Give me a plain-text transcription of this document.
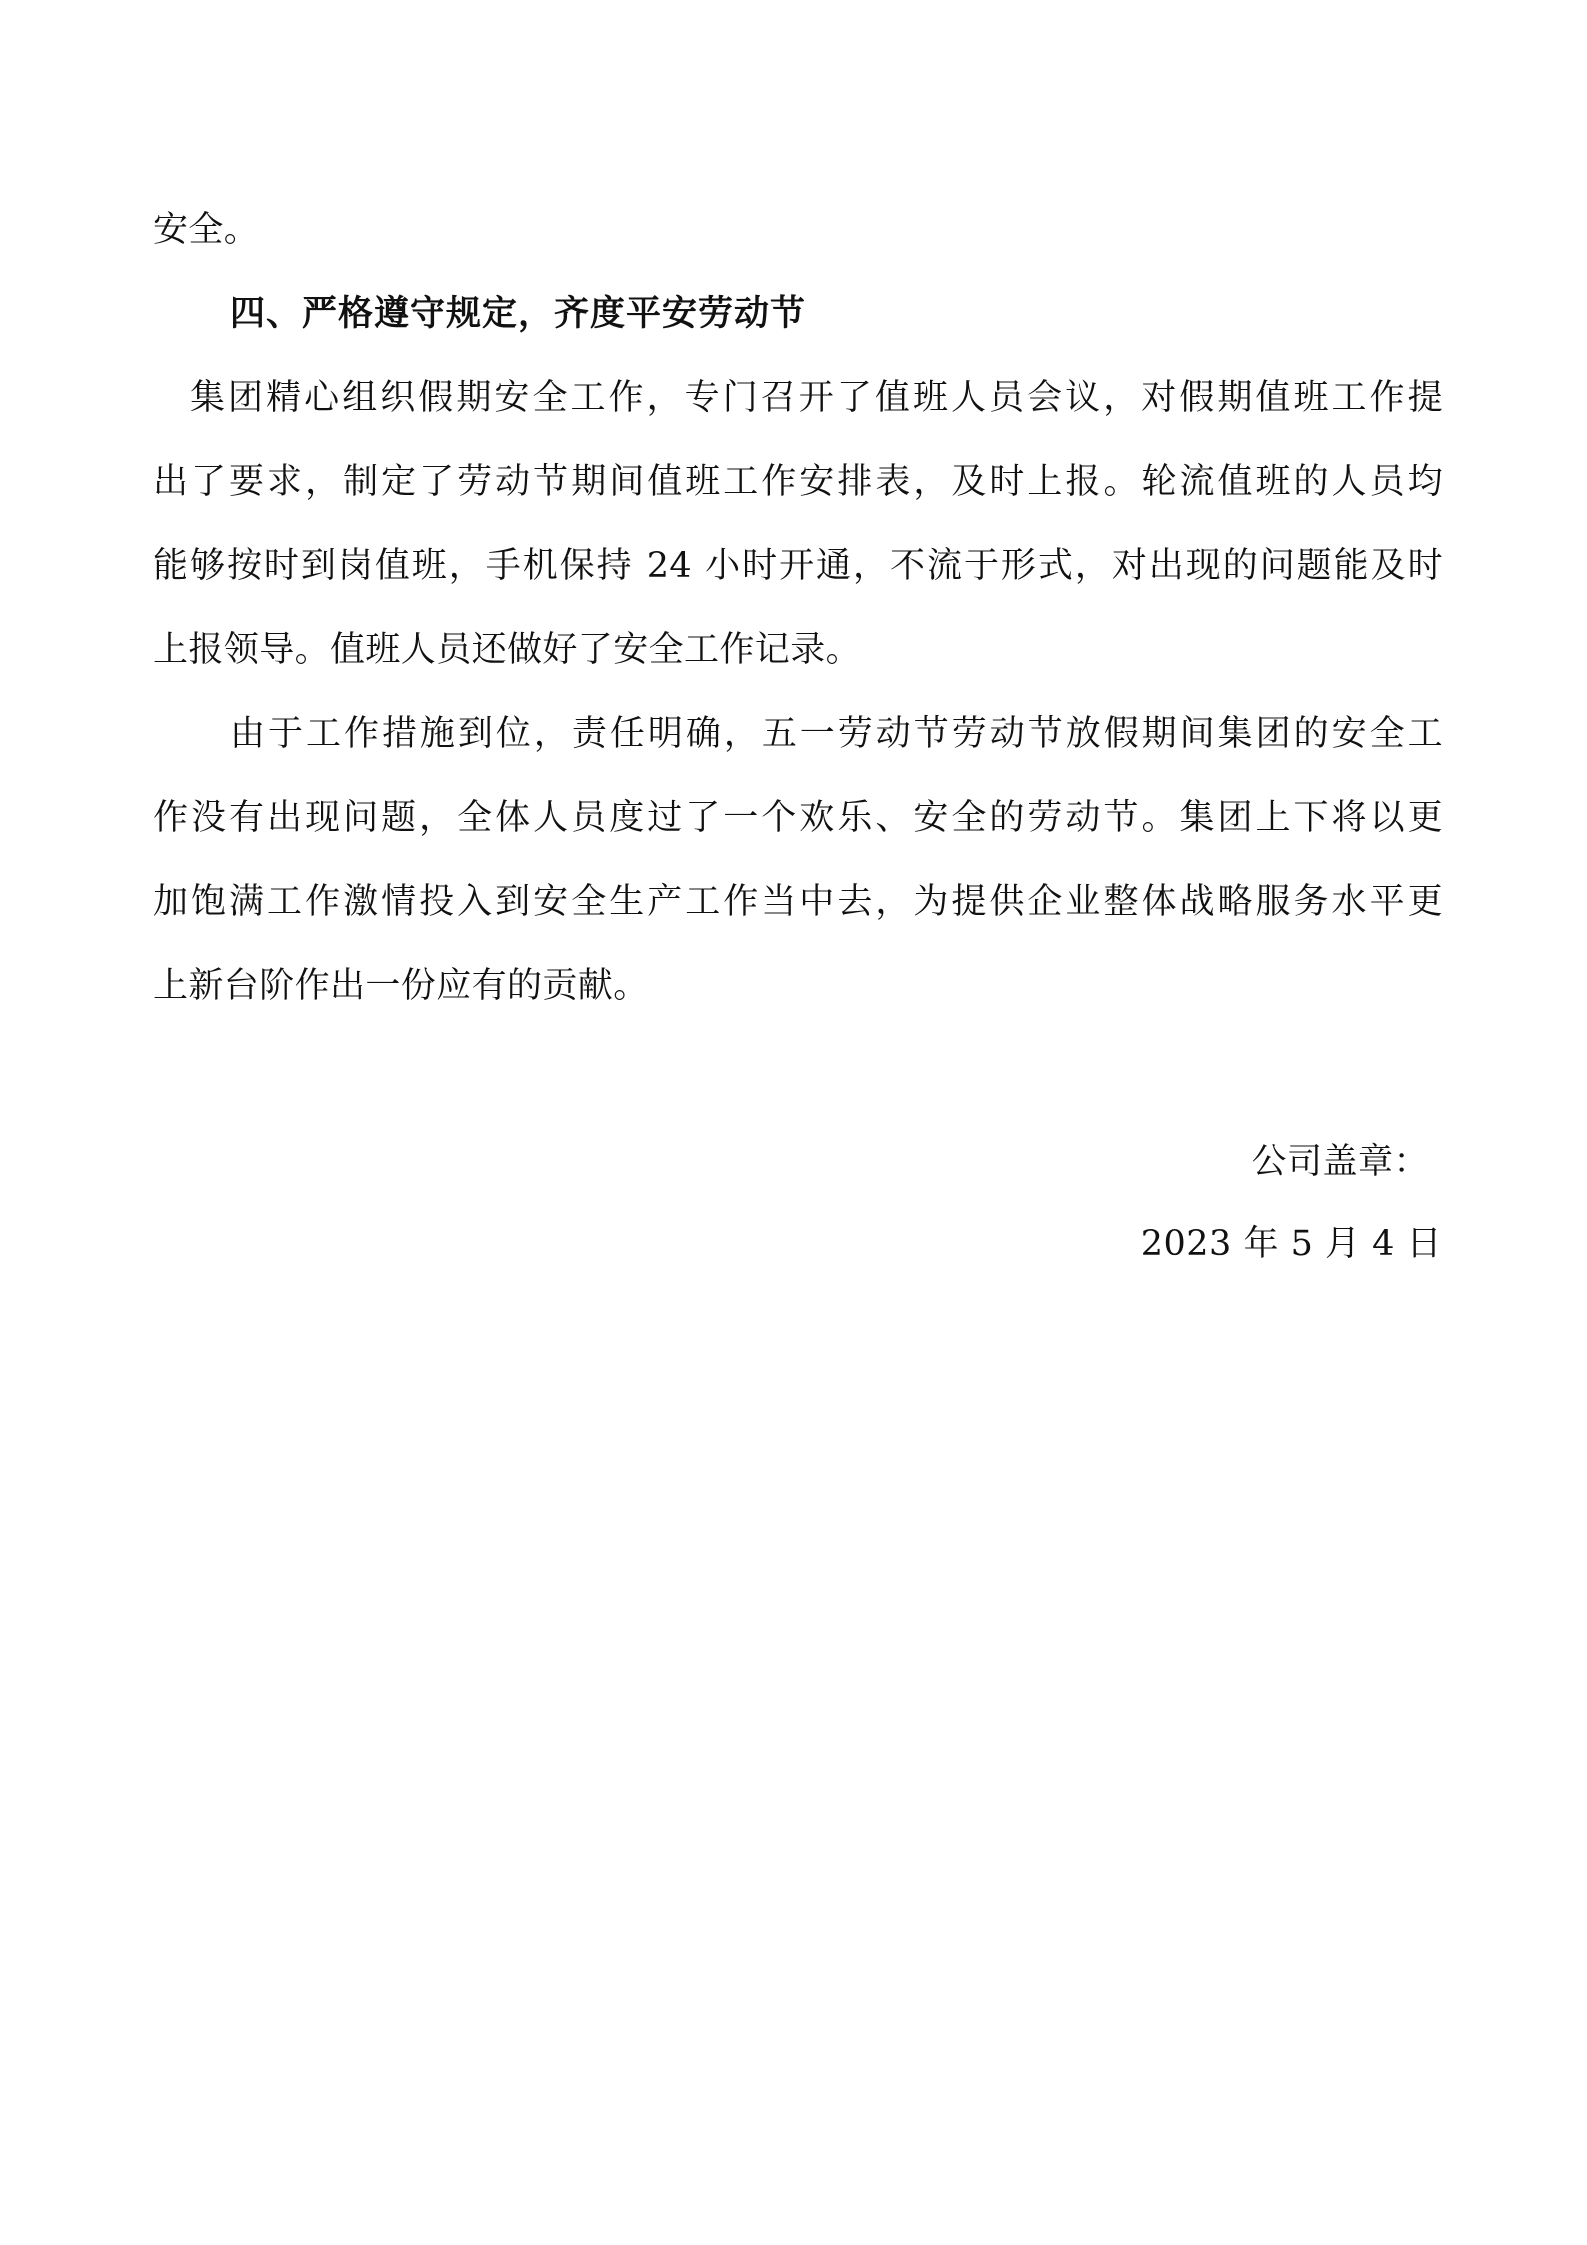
安全。
四、严格遵守规定，齐度平安劳动节
集团精心组织假期安全工作，专门召开了值班人员会议，对假期值班工作提
出了要求，制定了劳动节期间值班工作安排表，及时上报。轮流值班的人员均
能够按时到岗值班，手机保持 24 小时开通，不流于形式，对出现的问题能及时
上报领导。值班人员还做好了安全工作记录。
由于工作措施到位，责任明确，五一劳动节劳动节放假期间集团的安全工
作没有出现问题，全体人员度过了一个欢乐、安全的劳动节。集团上下将以更
加饱满工作激情投入到安全生产工作当中去，为提供企业整体战略服务水平更
上新台阶作出一份应有的贡献。
公司盖章：
2023 年 5 月 4 日
